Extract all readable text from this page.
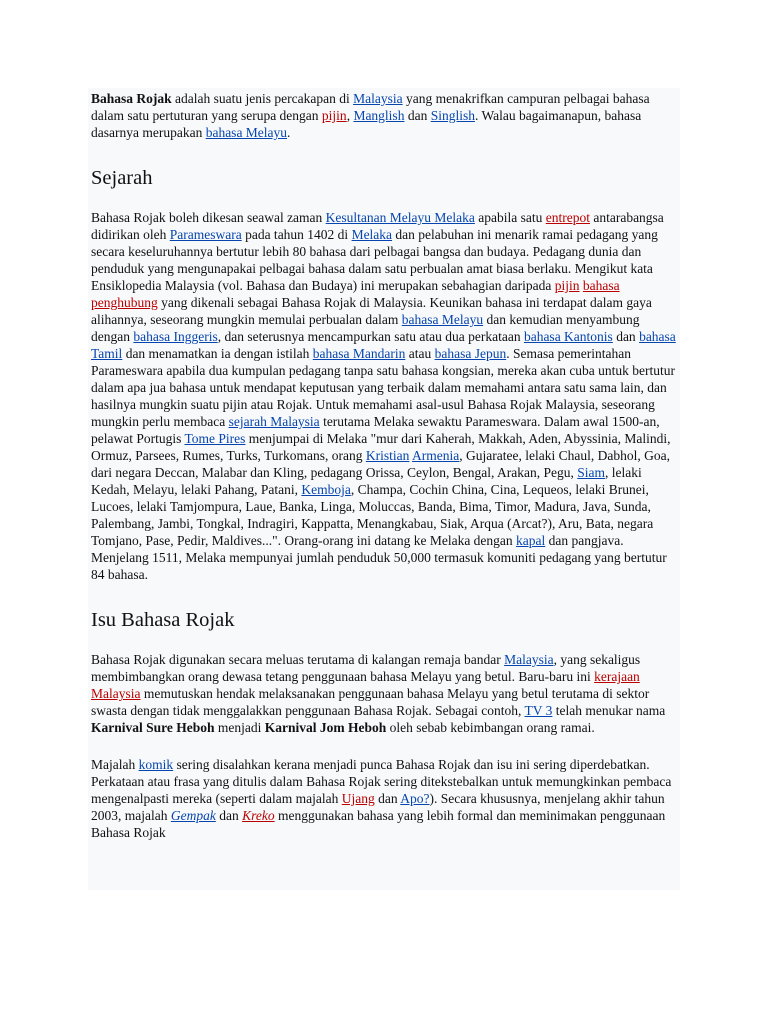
Bahasa Rojak adalah suatu jenis percakapan di Malaysia yang menakrifkan campuran pelbagai bahasa dalam satu pertuturan yang serupa dengan pijin, Manglish dan Singlish. Walau bagaimanapun, bahasa dasarnya merupakan bahasa Melayu.

Sejarah

Bahasa Rojak boleh dikesan seawal zaman Kesultanan Melayu Melaka apabila satu entrepot antarabangsa didirikan oleh Parameswara pada tahun 1402 di Melaka dan pelabuhan ini menarik ramai pedagang yang secara keseluruhannya bertutur lebih 80 bahasa dari pelbagai bangsa dan budaya. Pedagang dunia dan penduduk yang mengunapakai pelbagai bahasa dalam satu perbualan amat biasa berlaku. Mengikut kata Ensiklopedia Malaysia (vol. Bahasa dan Budaya) ini merupakan sebahagian daripada pijin bahasa penghubung yang dikenali sebagai Bahasa Rojak di Malaysia. Keunikan bahasa ini terdapat dalam gaya alihannya, seseorang mungkin memulai perbualan dalam bahasa Melayu dan kemudian menyambung dengan bahasa Inggeris, dan seterusnya mencampurkan satu atau dua perkataan bahasa Kantonis dan bahasa Tamil dan menamatkan ia dengan istilah bahasa Mandarin atau bahasa Jepun. Semasa pemerintahan Parameswara apabila dua kumpulan pedagang tanpa satu bahasa kongsian, mereka akan cuba untuk bertutur dalam apa jua bahasa untuk mendapat keputusan yang terbaik dalam memahami antara satu sama lain, dan hasilnya mungkin suatu pijin atau Rojak. Untuk memahami asal-usul Bahasa Rojak Malaysia, seseorang mungkin perlu membaca sejarah Malaysia terutama Melaka sewaktu Parameswara. Dalam awal 1500-an, pelawat Portugis Tome Pires menjumpai di Melaka "mur dari Kaherah, Makkah, Aden, Abyssinia, Malindi, Ormuz, Parsees, Rumes, Turks, Turkomans, orang Kristian Armenia, Gujaratee, lelaki Chaul, Dabhol, Goa, dari negara Deccan, Malabar dan Kling, pedagang Orissa, Ceylon, Bengal, Arakan, Pegu, Siam, lelaki Kedah, Melayu, lelaki Pahang, Patani, Kemboja, Champa, Cochin China, Cina, Lequeos, lelaki Brunei, Lucoes, lelaki Tamjompura, Laue, Banka, Linga, Moluccas, Banda, Bima, Timor, Madura, Java, Sunda, Palembang, Jambi, Tongkal, Indragiri, Kappatta, Menangkabau, Siak, Arqua (Arcat?), Aru, Bata, negara Tomjano, Pase, Pedir, Maldives...". Orang-orang ini datang ke Melaka dengan kapal dan pangjava. Menjelang 1511, Melaka mempunyai jumlah penduduk 50,000 termasuk komuniti pedagang yang bertutur 84 bahasa.

Isu Bahasa Rojak

Bahasa Rojak digunakan secara meluas terutama di kalangan remaja bandar Malaysia, yang sekaligus membimbangkan orang dewasa tetang penggunaan bahasa Melayu yang betul. Baru-baru ini kerajaan Malaysia memutuskan hendak melaksanakan penggunaan bahasa Melayu yang betul terutama di sektor swasta dengan tidak menggalakkan penggunaan Bahasa Rojak. Sebagai contoh, TV 3 telah menukar nama Karnival Sure Heboh menjadi Karnival Jom Heboh oleh sebab kebimbangan orang ramai.

Majalah komik sering disalahkan kerana menjadi punca Bahasa Rojak dan isu ini sering diperdebatkan. Perkataan atau frasa yang ditulis dalam Bahasa Rojak sering ditekstebalkan untuk memungkinkan pembaca mengenalpasti mereka (seperti dalam majalah Ujang dan Apo?). Secara khususnya, menjelang akhir tahun 2003, majalah Gempak dan Kreko menggunakan bahasa yang lebih formal dan meminimakan penggunaan Bahasa Rojak
